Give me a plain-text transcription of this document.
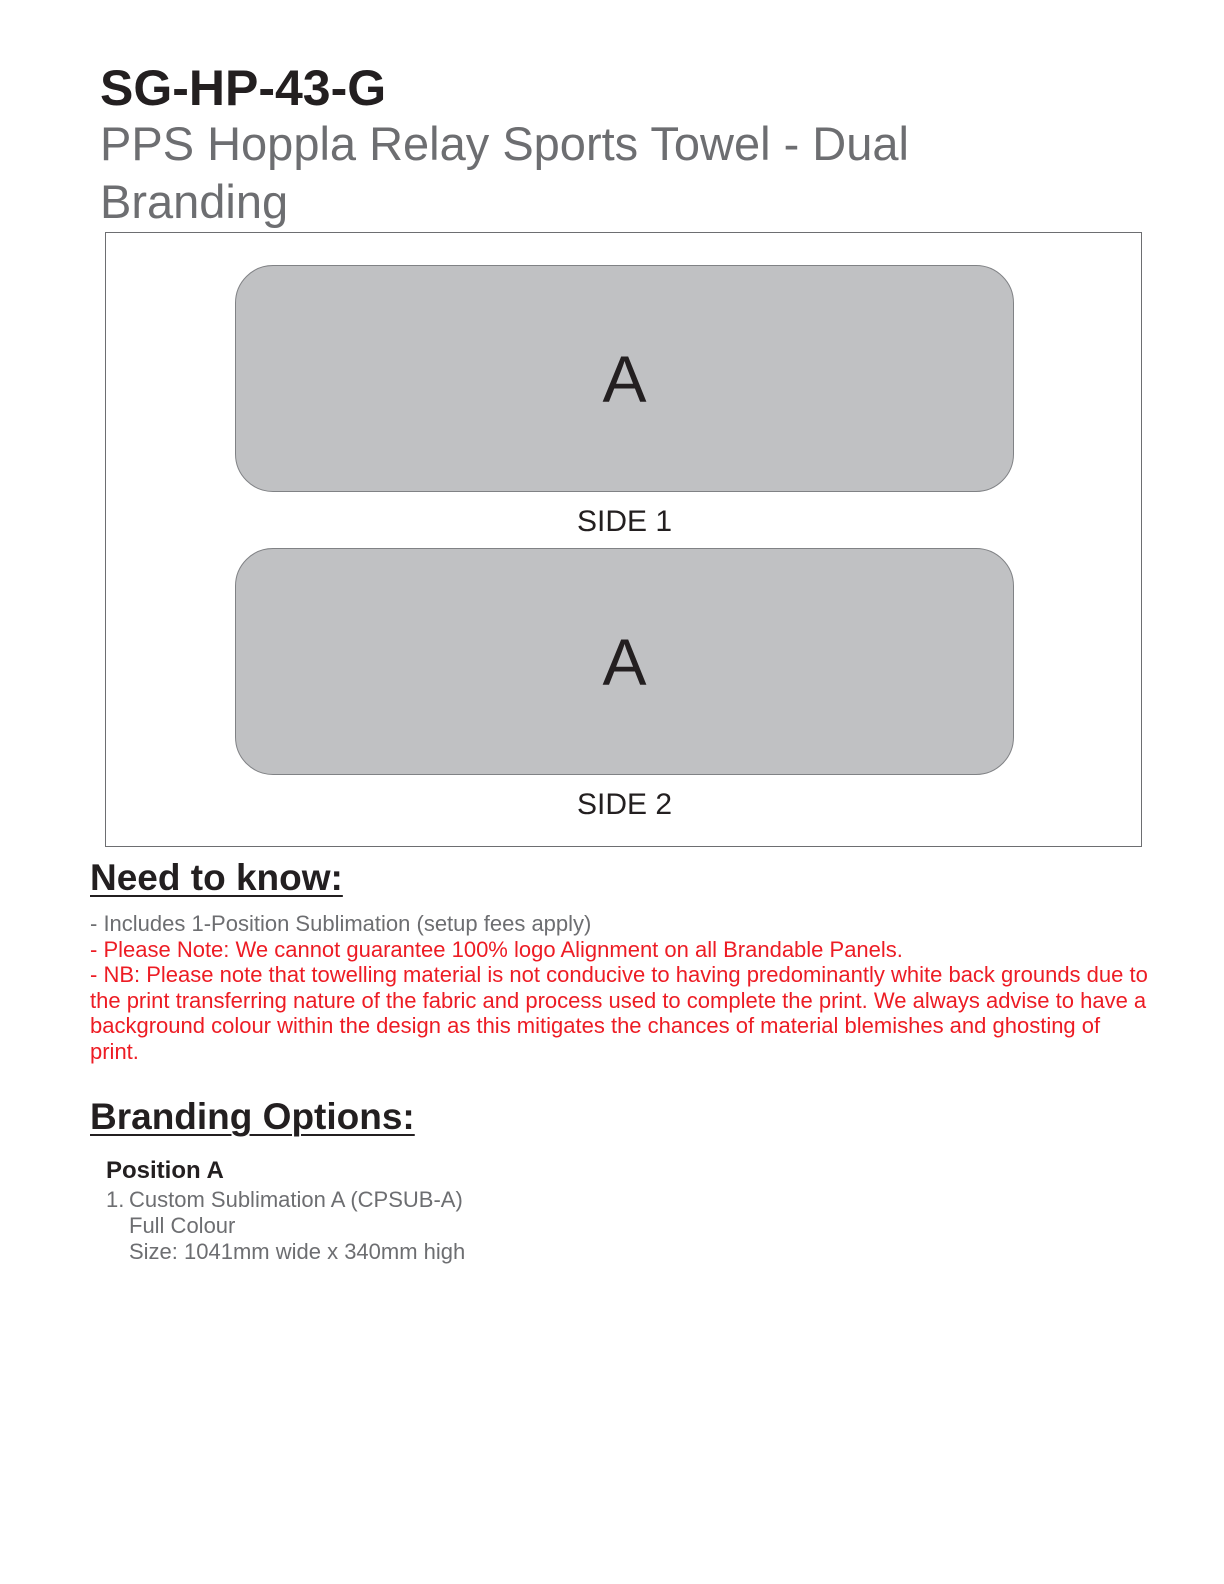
SG-HP-43-G
PPS Hoppla Relay Sports Towel - Dual Branding
A
SIDE 1
A
SIDE 2
Need to know:

- Includes 1-Position Sublimation (setup fees apply)

- Please Note: We cannot guarantee 100% logo Alignment on all Brandable Panels.

- NB: Please note that towelling material is not conducive to having predominantly white back grounds due to the print transferring nature of the fabric and process used to complete the print. We always advise to have a background colour within the design as this mitigates the chances of material blemishes and ghosting of print.

Branding Options:
Position A
1. Custom Sublimation A (CPSUB-A)
Full Colour
Size: 1041mm wide x 340mm high
